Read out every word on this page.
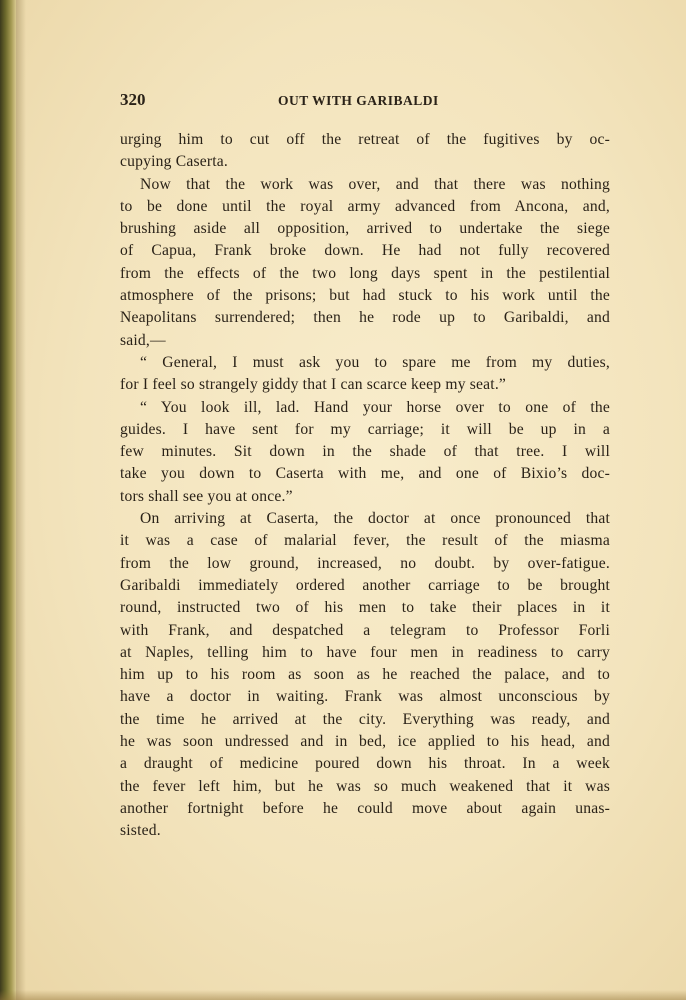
320	OUT WITH GARIBALDI
urging him to cut off the retreat of the fugitives by oc-
cupying Caserta.
Now that the work was over, and that there was nothing
to be done until the royal army advanced from Ancona, and,
brushing aside all opposition, arrived to undertake the siege
of Capua, Frank broke down. He had not fully recovered
from the effects of the two long days spent in the pestilential
atmosphere of the prisons; but had stuck to his work until the
Neapolitans surrendered; then he rode up to Garibaldi, and
said,—
“ General, I must ask you to spare me from my duties,
for I feel so strangely giddy that I can scarce keep my seat.”
“ You look ill, lad. Hand your horse over to one of the
guides. I have sent for my carriage; it will be up in a
few minutes. Sit down in the shade of that tree. I will
take you down to Caserta with me, and one of Bixio’s doc-
tors shall see you at once.”
On arriving at Caserta, the doctor at once pronounced that
it was a case of malarial fever, the result of the miasma
from the low ground, increased, no doubt. by over-fatigue.
Garibaldi immediately ordered another carriage to be brought
round, instructed two of his men to take their places in it
with Frank, and despatched a telegram to Professor Forli
at Naples, telling him to have four men in readiness to carry
him up to his room as soon as he reached the palace, and to
have a doctor in waiting. Frank was almost unconscious by
the time he arrived at the city. Everything was ready, and
he was soon undressed and in bed, ice applied to his head, and
a draught of medicine poured down his throat. In a week
the fever left him, but he was so much weakened that it was
another fortnight before he could move about again unas-
sisted.
